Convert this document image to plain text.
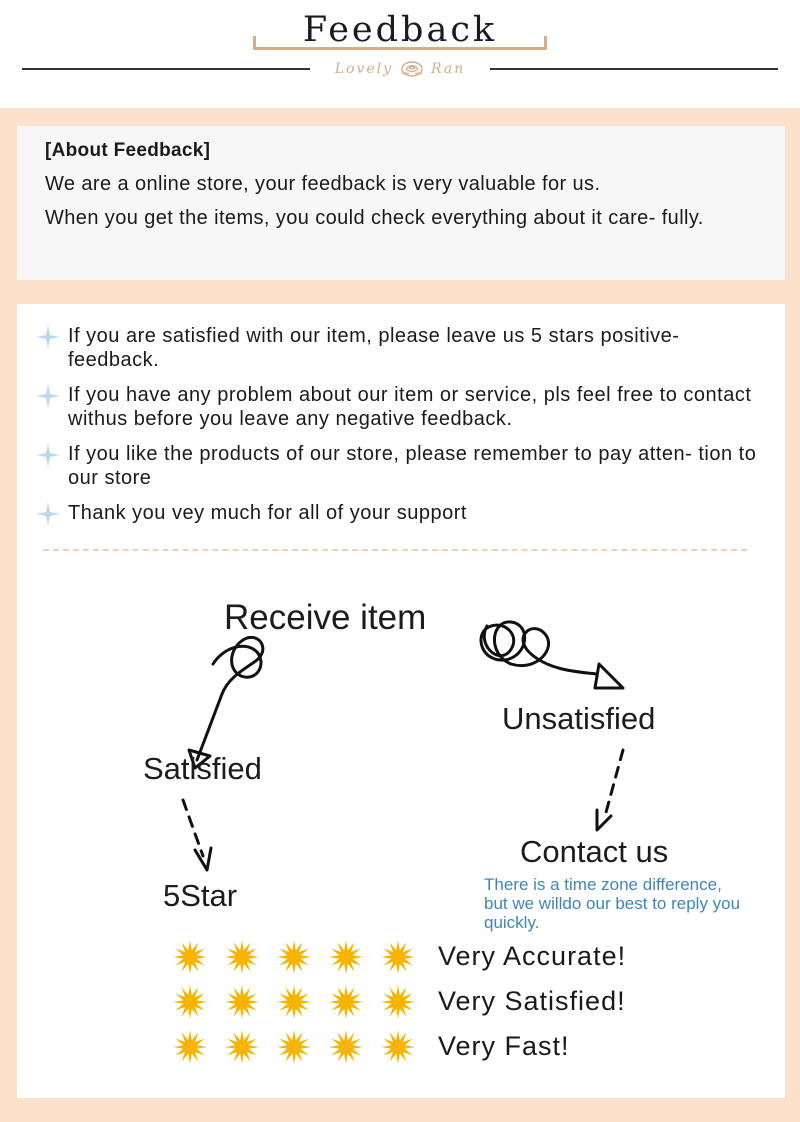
Feedback
Lovely	Ran
[About Feedback]

We are a online store, your feedback is very valuable for us.

When you get the items, you could check everything about it care- fully.

If you are satisfied with our item, please leave us 5 stars positive- feedback.
If you have any problem about our item or service, pls feel free to contact withus before you leave any negative feedback.
If you like the products of our store, please remember to pay atten- tion to our store
Thank you vey much for all of your support
Receive item
Unsatisfied
Satisfied
Contact us
5Star	There is a time zone difference, but we willdo our best to reply you quickly.
Very Accurate!
Very Satisfied!
Very Fast!
